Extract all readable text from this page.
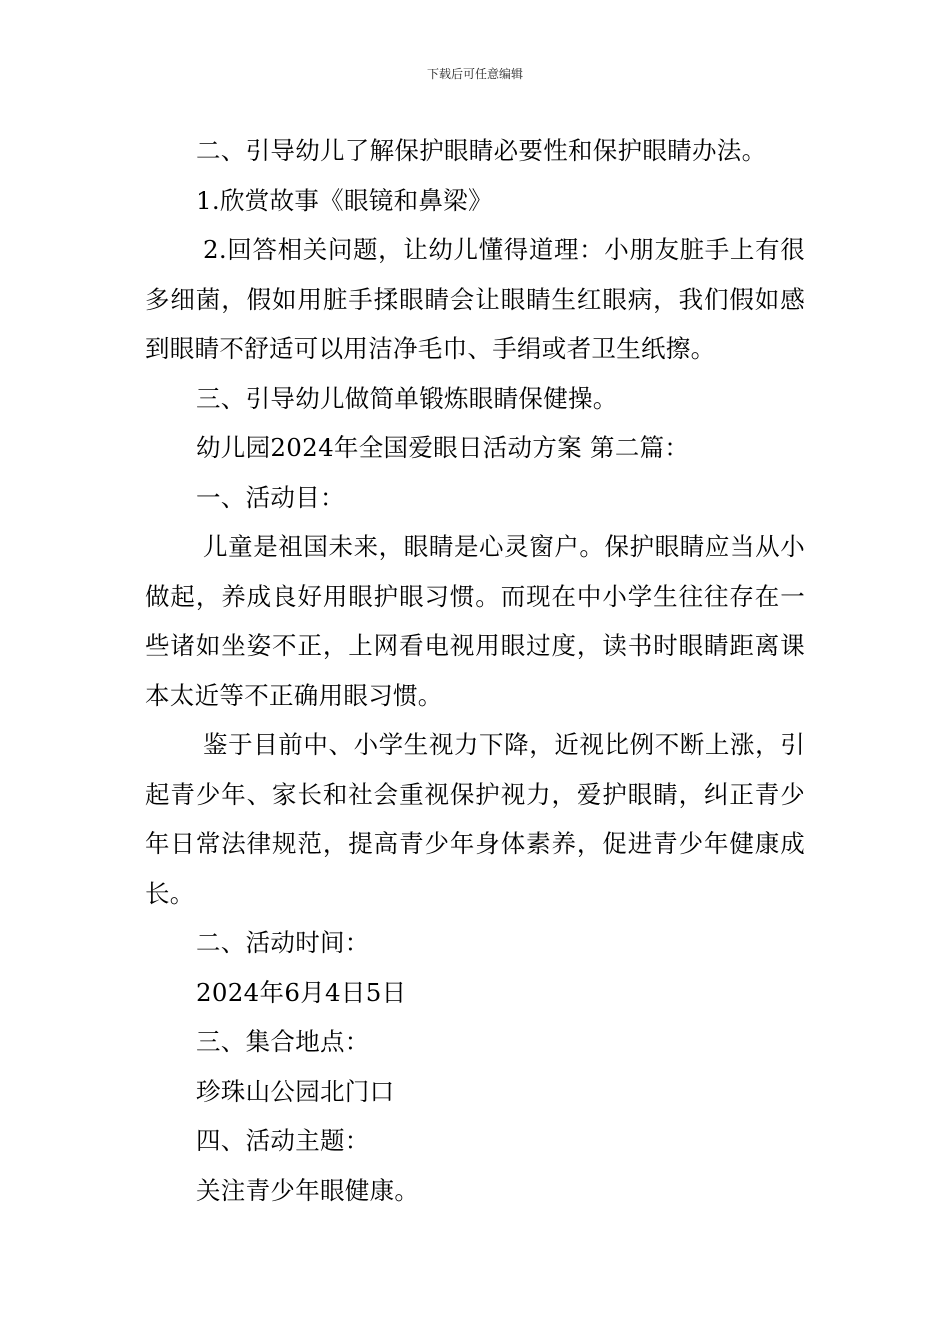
下载后可任意编辑

二、引导幼儿了解保护眼睛必要性和保护眼睛办法。

1.欣赏故事《眼镜和鼻梁》

2.回答相关问题，让幼儿懂得道理：小朋友脏手上有很多细菌，假如用脏手揉眼睛会让眼睛生红眼病，我们假如感到眼睛不舒适可以用洁净毛巾、手绢或者卫生纸擦。

三、引导幼儿做简单锻炼眼睛保健操。

幼儿园2024年全国爱眼日活动方案 第二篇：

一、活动目：

儿童是祖国未来，眼睛是心灵窗户。保护眼睛应当从小做起，养成良好用眼护眼习惯。而现在中小学生往往存在一些诸如坐姿不正，上网看电视用眼过度，读书时眼睛距离课本太近等不正确用眼习惯。

鉴于目前中、小学生视力下降，近视比例不断上涨，引起青少年、家长和社会重视保护视力，爱护眼睛，纠正青少年日常法律规范，提高青少年身体素养，促进青少年健康成长。

二、活动时间：

2024年6月4日5日

三、集合地点：

珍珠山公园北门口

四、活动主题：

关注青少年眼健康。
